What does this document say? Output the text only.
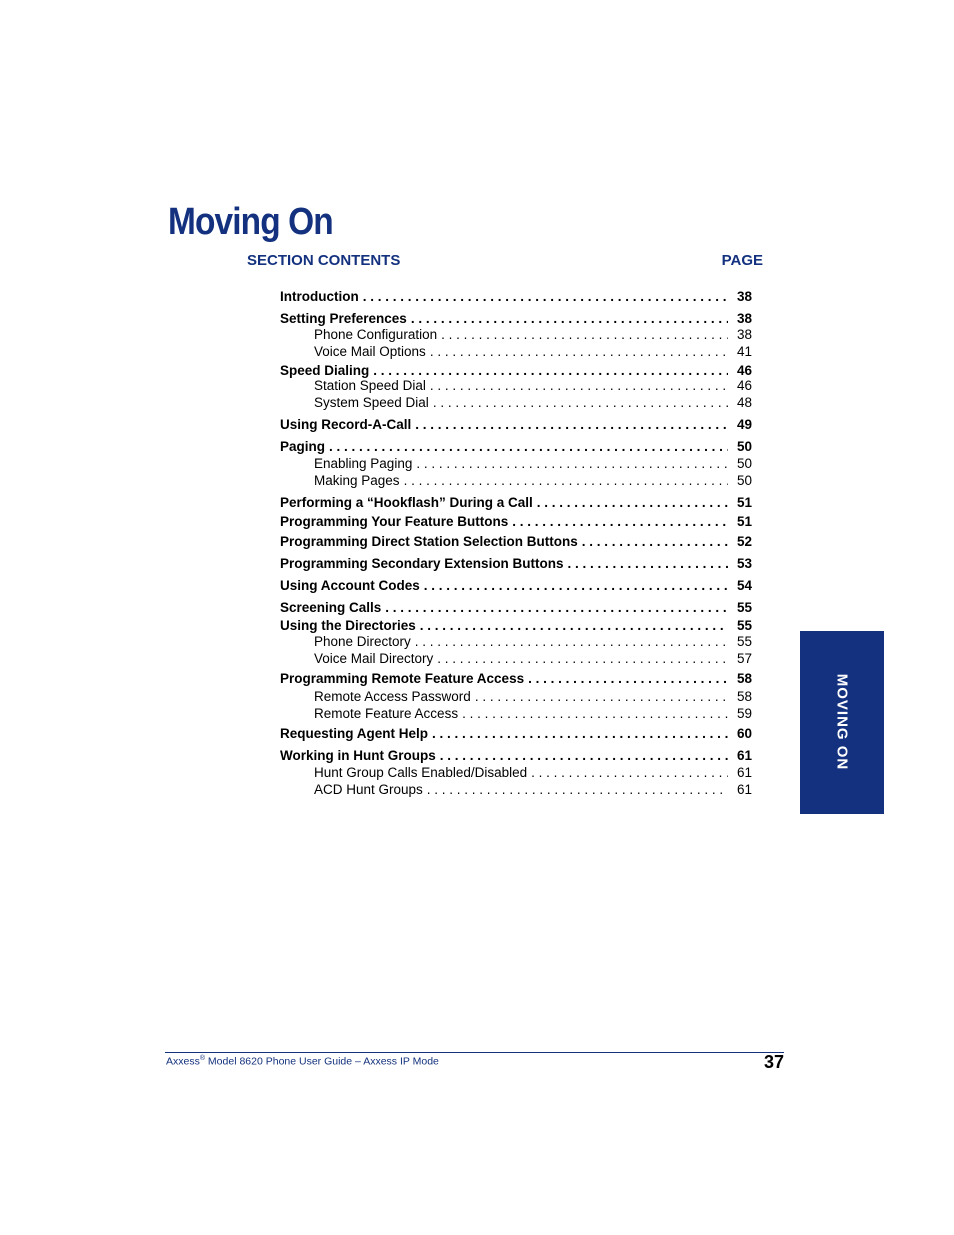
Moving On
SECTION CONTENTS	PAGE
Introduction . . .	38
Setting Preferences . . .	38
Phone Configuration . . .	38
Voice Mail Options . . .	41
Speed Dialing . . .	46
Station Speed Dial . . .	46
System Speed Dial . . .	48
Using Record-A-Call . . .	49
Paging . . .	50
Enabling Paging . . .	50
Making Pages . . .	50
Performing a “Hookflash” During a Call . . .	51
Programming Your Feature Buttons . . .	51
Programming Direct Station Selection Buttons . . .	52
Programming Secondary Extension Buttons . . .	53
Using Account Codes . . .	54
Screening Calls . . .	55
Using the Directories . . .	55
Phone Directory . . .	55
Voice Mail Directory . . .	57
Programming Remote Feature Access . . .	58
Remote Access Password . . .	58
Remote Feature Access . . .	59
Requesting Agent Help . . .	60
Working in Hunt Groups . . .	61
Hunt Group Calls Enabled/Disabled . . .	61
ACD Hunt Groups . . .	61
MOVING ON
Axxess® Model 8620 Phone User Guide – Axxess IP Mode	37
